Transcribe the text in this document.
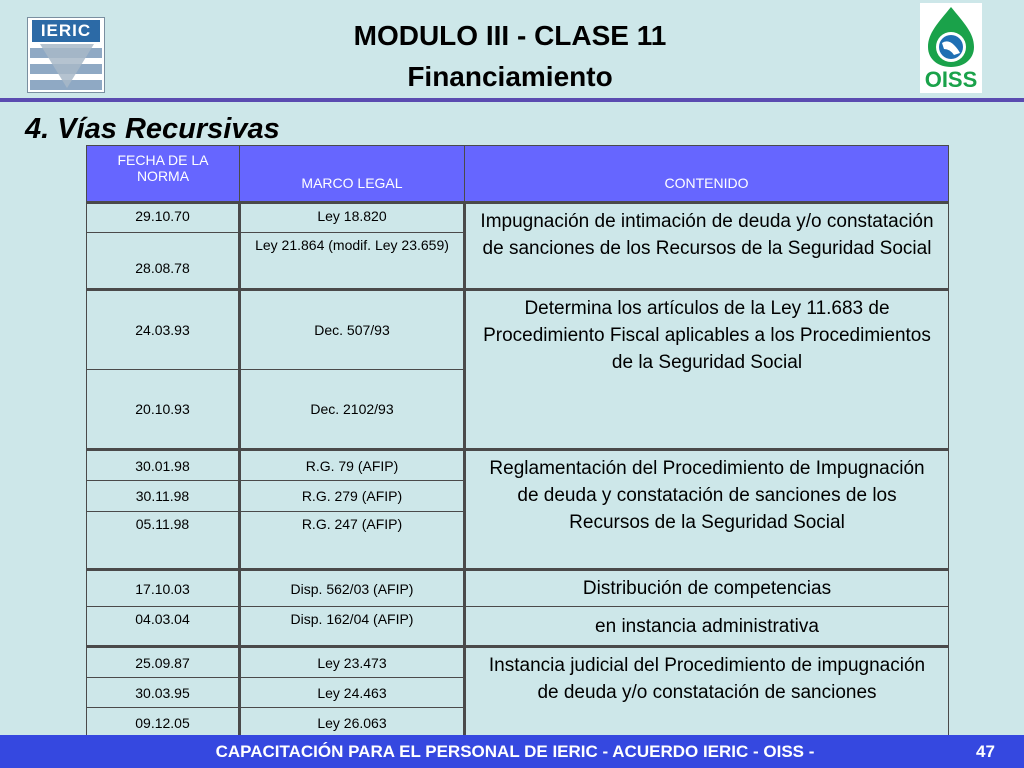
IERIC
OISS
MODULO III - CLASE 11
Financiamiento
4. Vías Recursivas
FECHA DE LA NORMA	MARCO LEGAL	CONTENIDO
29.10.70	Ley 18.820	Impugnación de intimación de deuda y/o constatación de sanciones de los Recursos de la Seguridad Social
28.08.78	Ley 21.864 (modif. Ley 23.659)	
24.03.93	Dec. 507/93	Determina los artículos de la Ley 11.683 de Procedimiento Fiscal aplicables a los Procedimientos de la Seguridad Social
20.10.93	Dec. 2102/93	
30.01.98	R.G. 79 (AFIP)	Reglamentación del Procedimiento de Impugnación de deuda y constatación de sanciones de los Recursos de la Seguridad Social
30.11.98	R.G. 279 (AFIP)	
05.11.98	R.G. 247 (AFIP)	
17.10.03	Disp. 562/03 (AFIP)	Distribución de competencias
04.03.04	Disp. 162/04 (AFIP)	en instancia administrativa
25.09.87	Ley 23.473	Instancia judicial del Procedimiento de impugnación de deuda y/o constatación de sanciones
30.03.95	Ley 24.463	
09.12.05	Ley 26.063	
CAPACITACIÓN PARA EL PERSONAL DE IERIC - ACUERDO IERIC - OISS -	47
